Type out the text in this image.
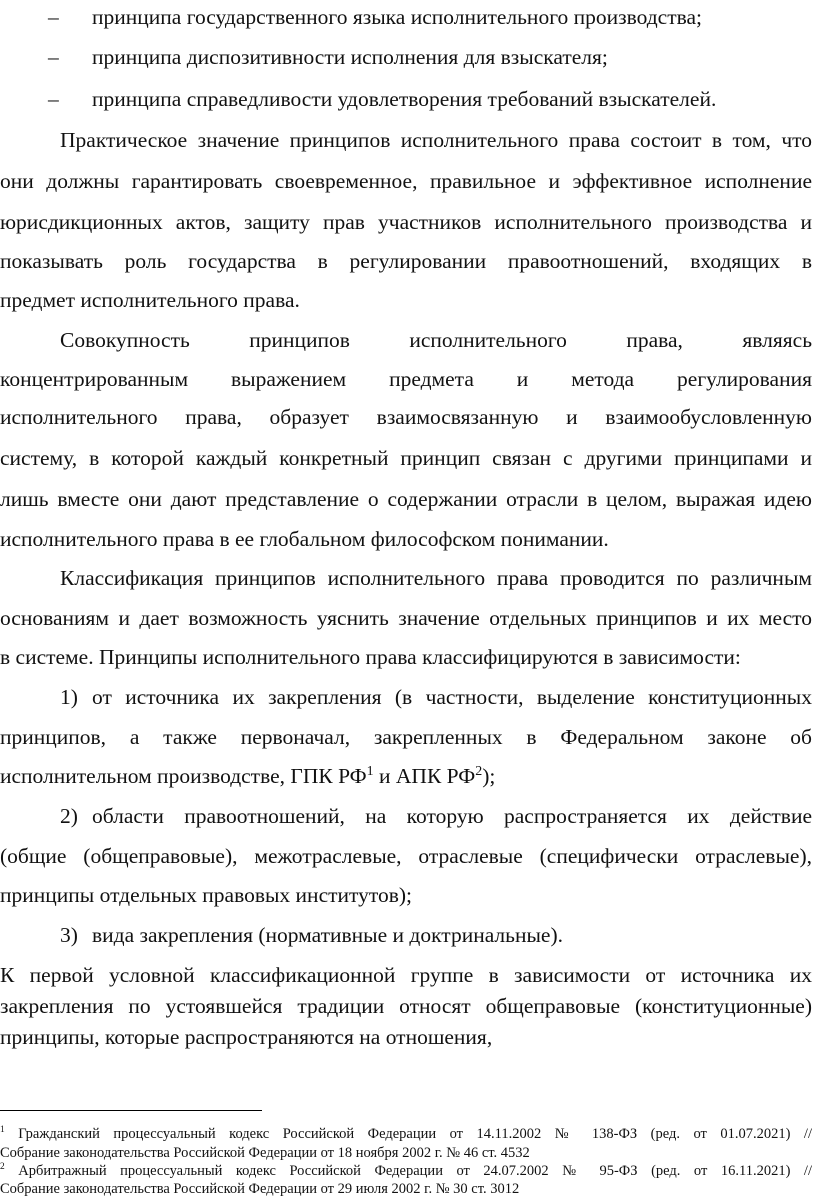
– принципа государственного языка исполнительного производства;
– принципа диспозитивности исполнения для взыскателя;
– принципа справедливости удовлетворения требований взыскателей.
Практическое значение принципов исполнительного права состоит в том, что
они должны гарантировать своевременное, правильное и эффективное исполнение
юрисдикционных актов, защиту прав участников исполнительного производства и
показывать роль государства в регулировании правоотношений, входящих в
предмет исполнительного права.
Совокупность принципов исполнительного права, являясь
концентрированным выражением предмета и метода регулирования
исполнительного права, образует взаимосвязанную и взаимообусловленную
систему, в которой каждый конкретный принцип связан с другими принципами и
лишь вместе они дают представление о содержании отрасли в целом, выражая идею
исполнительного права в ее глобальном философском понимании.
Классификация принципов исполнительного права проводится по различным
основаниям и дает возможность уяснить значение отдельных принципов и их место
в системе. Принципы исполнительного права классифицируются в зависимости:
1) от источника их закрепления (в частности, выделение конституционных
принципов, а также первоначал, закрепленных в Федеральном законе об
исполнительном производстве, ГПК $РФ^1$ и АПК $РФ^2$);
2) области правоотношений, на которую распространяется их действие
(общие (общеправовые), межотраслевые, отраслевые (специфически отраслевые),
принципы отдельных правовых институтов);
3) вида закрепления (нормативные и доктринальные).
К первой условной классификационной группе в зависимости от источника их закрепления по устоявшейся традиции относят общеправовые (конституционные) принципы, которые распространяются на отношения,
$^1$ Гражданский процессуальный кодекс Российской Федерации от 14.11.2002 № 138-ФЗ (ред. от 01.07.2021) //
Собрание законодательства Российской Федерации от 18 ноября 2002 г. № 46 ст. 4532
$^2$ Арбитражный процессуальный кодекс Российской Федерации от 24.07.2002 № 95-ФЗ (ред. от 16.11.2021) //
Собрание законодательства Российской Федерации от 29 июля 2002 г. № 30 ст. 3012
